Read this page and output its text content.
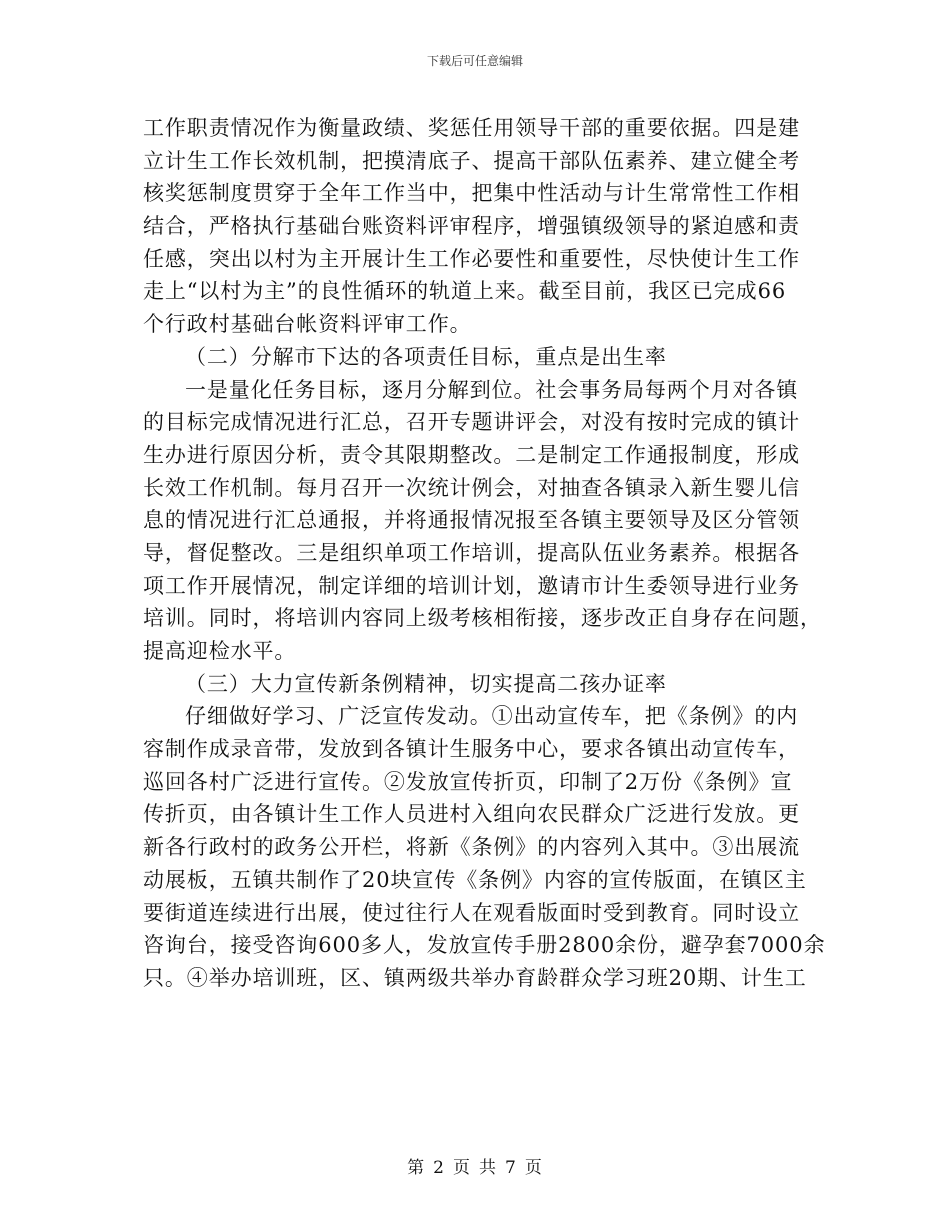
下载后可任意编辑
工作职责情况作为衡量政绩、奖惩任用领导干部的重要依据。四是建
立计生工作长效机制，把摸清底子、提高干部队伍素养、建立健全考
核奖惩制度贯穿于全年工作当中，把集中性活动与计生常常性工作相
结合，严格执行基础台账资料评审程序，增强镇级领导的紧迫感和责
任感，突出以村为主开展计生工作必要性和重要性，尽快使计生工作
走上“以村为主”的良性循环的轨道上来。截至目前，我区已完成66
个行政村基础台帐资料评审工作。
（二）分解市下达的各项责任目标，重点是出生率
一是量化任务目标，逐月分解到位。社会事务局每两个月对各镇
的目标完成情况进行汇总，召开专题讲评会，对没有按时完成的镇计
生办进行原因分析，责令其限期整改。二是制定工作通报制度，形成
长效工作机制。每月召开一次统计例会，对抽查各镇录入新生婴儿信
息的情况进行汇总通报，并将通报情况报至各镇主要领导及区分管领
导，督促整改。三是组织单项工作培训，提高队伍业务素养。根据各
项工作开展情况，制定详细的培训计划，邀请市计生委领导进行业务
培训。同时，将培训内容同上级考核相衔接，逐步改正自身存在问题，
提高迎检水平。
（三）大力宣传新条例精神，切实提高二孩办证率
仔细做好学习、广泛宣传发动。①出动宣传车，把《条例》的内
容制作成录音带，发放到各镇计生服务中心，要求各镇出动宣传车，
巡回各村广泛进行宣传。②发放宣传折页，印制了2万份《条例》宣
传折页，由各镇计生工作人员进村入组向农民群众广泛进行发放。更
新各行政村的政务公开栏，将新《条例》的内容列入其中。③出展流
动展板，五镇共制作了20块宣传《条例》内容的宣传版面，在镇区主
要街道连续进行出展，使过往行人在观看版面时受到教育。同时设立
咨询台，接受咨询600多人，发放宣传手册2800余份，避孕套7000余
只。④举办培训班，区、镇两级共举办育龄群众学习班20期、计生工
第 2 页 共 7 页
